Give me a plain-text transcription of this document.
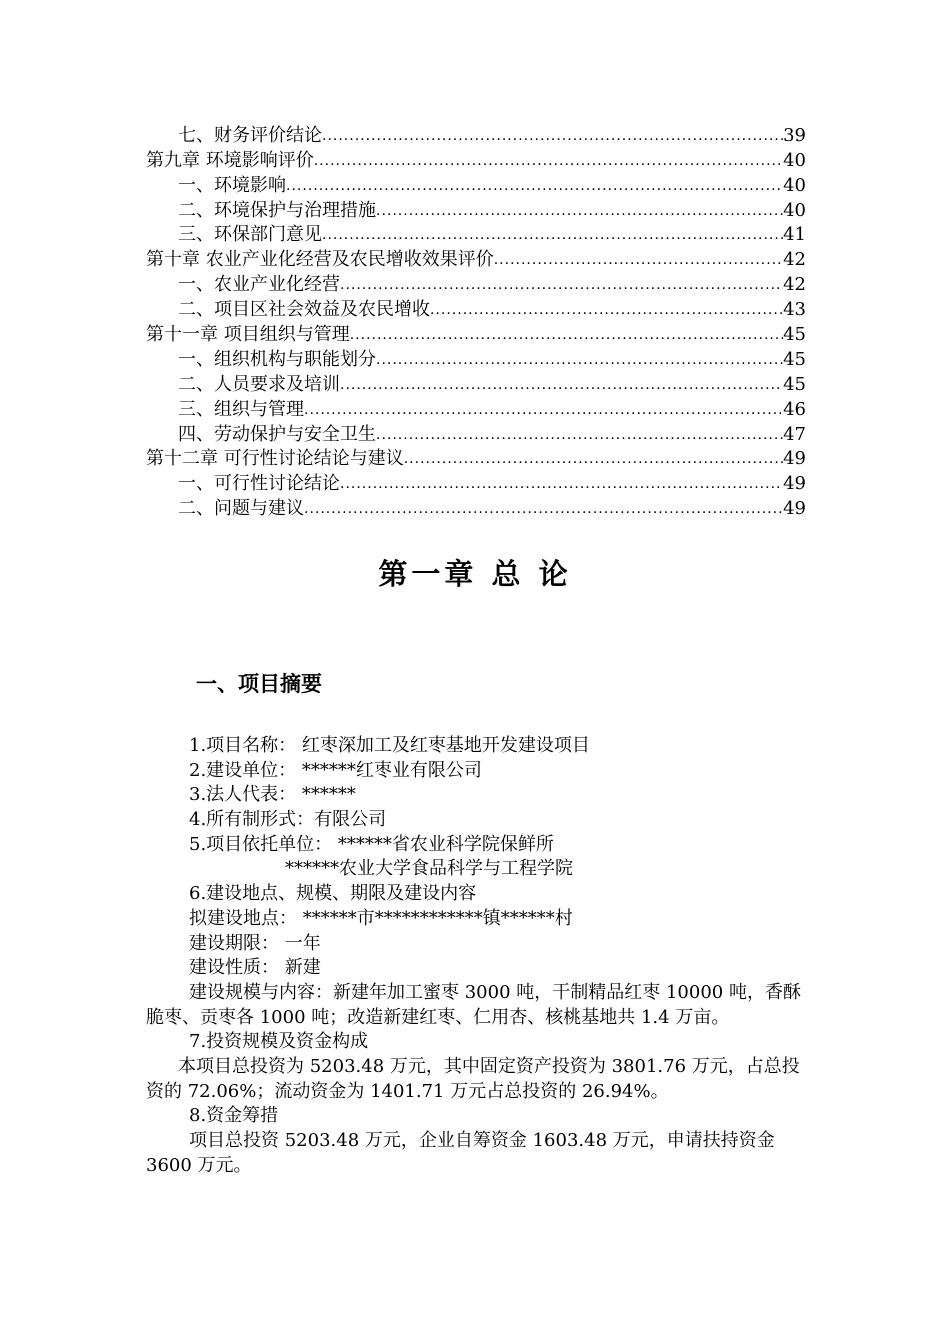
七、财务评价结论 .....	39
第九章 环境影响评价 .....	40
一、环境影响 .....	40
二、环境保护与治理措施 .....	40
三、环保部门意见 .....	41
第十章 农业产业化经营及农民增收效果评价 .....	42
一、农业产业化经营 .....	42
二、项目区社会效益及农民增收 .....	43
第十一章 项目组织与管理 .....	45
一、组织机构与职能划分 .....	45
二、人员要求及培训 .....	45
三、组织与管理 .....	46
四、劳动保护与安全卫生 .....	47
第十二章 可行性讨论结论与建议 .....	49
一、可行性讨论结论 .....	49
二、问题与建议 .....	49
第一章 总 论
一、项目摘要
1.项目名称： 红枣深加工及红枣基地开发建设项目
2.建设单位： ******红枣业有限公司
3.法人代表： ******
4.所有制形式：有限公司
5.项目依托单位： ******省农业科学院保鲜所
******农业大学食品科学与工程学院
6.建设地点、规模、期限及建设内容
拟建设地点： ******市************镇******村
建设期限： 一年
建设性质： 新建
建设规模与内容：新建年加工蜜枣 3000 吨，干制精品红枣 10000 吨，香酥脆枣、贡枣各 1000 吨；改造新建红枣、仁用杏、核桃基地共 1.4 万亩。
7.投资规模及资金构成
本项目总投资为 5203.48 万元，其中固定资产投资为 3801.76 万元，占总投资的 72.06%；流动资金为 1401.71 万元占总投资的 26.94%。
8.资金筹措
项目总投资 5203.48 万元，企业自筹资金 1603.48 万元，申请扶持资金 3600 万元。
